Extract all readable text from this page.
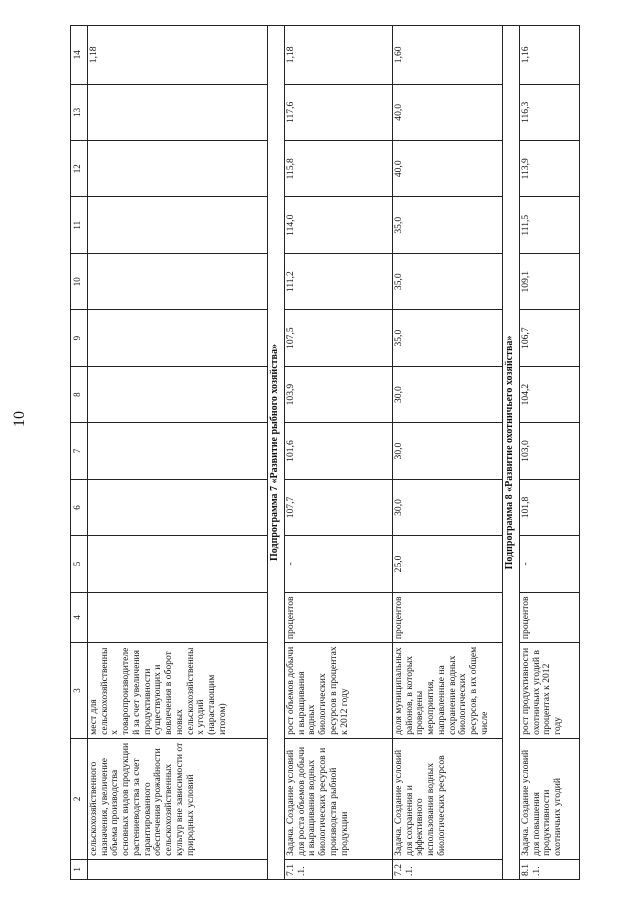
10
1	2	3	4	5	6	7	8	9	10	11	12	13	14
	сельскохозяйственного назначения, увеличение объема производства основных видов продукции растениеводства за счет гарантированного обеспечения урожайности сельскохозяйственных культур вне зависимости от природных условий	мест для сельскохозяйственных товаропроизводителей за счет увеличения продуктивности существующих и вовлечения в оборот новых сельскохозяйственных угодий (нарастающим итогом)											1,18
Подпрограмма 7 «Развитие рыбного хозяйства»													
7.1.1.	Задача. Создание условий для роста объемов добычи и выращивания водных биологических ресурсов и производства рыбной продукции	рост объемов добычи и выращивания водных биологических ресурсов в процентах к 2012 году	процентов	-	107,7	101,6	103,9	107,5	111,2	114,0	115,8	117,6	1,18
7.2.1.	Задача. Создание условий для сохранения и эффективного использования водных биологических ресурсов	доля муниципальных районов, в которых проведены мероприятия, направленные на сохранение водных биологических ресурсов, в их общем числе	процентов	25,0	30,0	30,0	30,0	35,0	35,0	35,0	40,0	40,0	1,60
Подпрограмма 8 «Развитие охотничьего хозяйства»													
8.1.1.	Задача. Создание условий для повышения продуктивности охотничьих угодий	рост продуктивности охотничьих угодий в процентах к 2012 году	процентов	-	101,8	103,0	104,2	106,7	109,1	111,5	113,9	116,3	1,16
